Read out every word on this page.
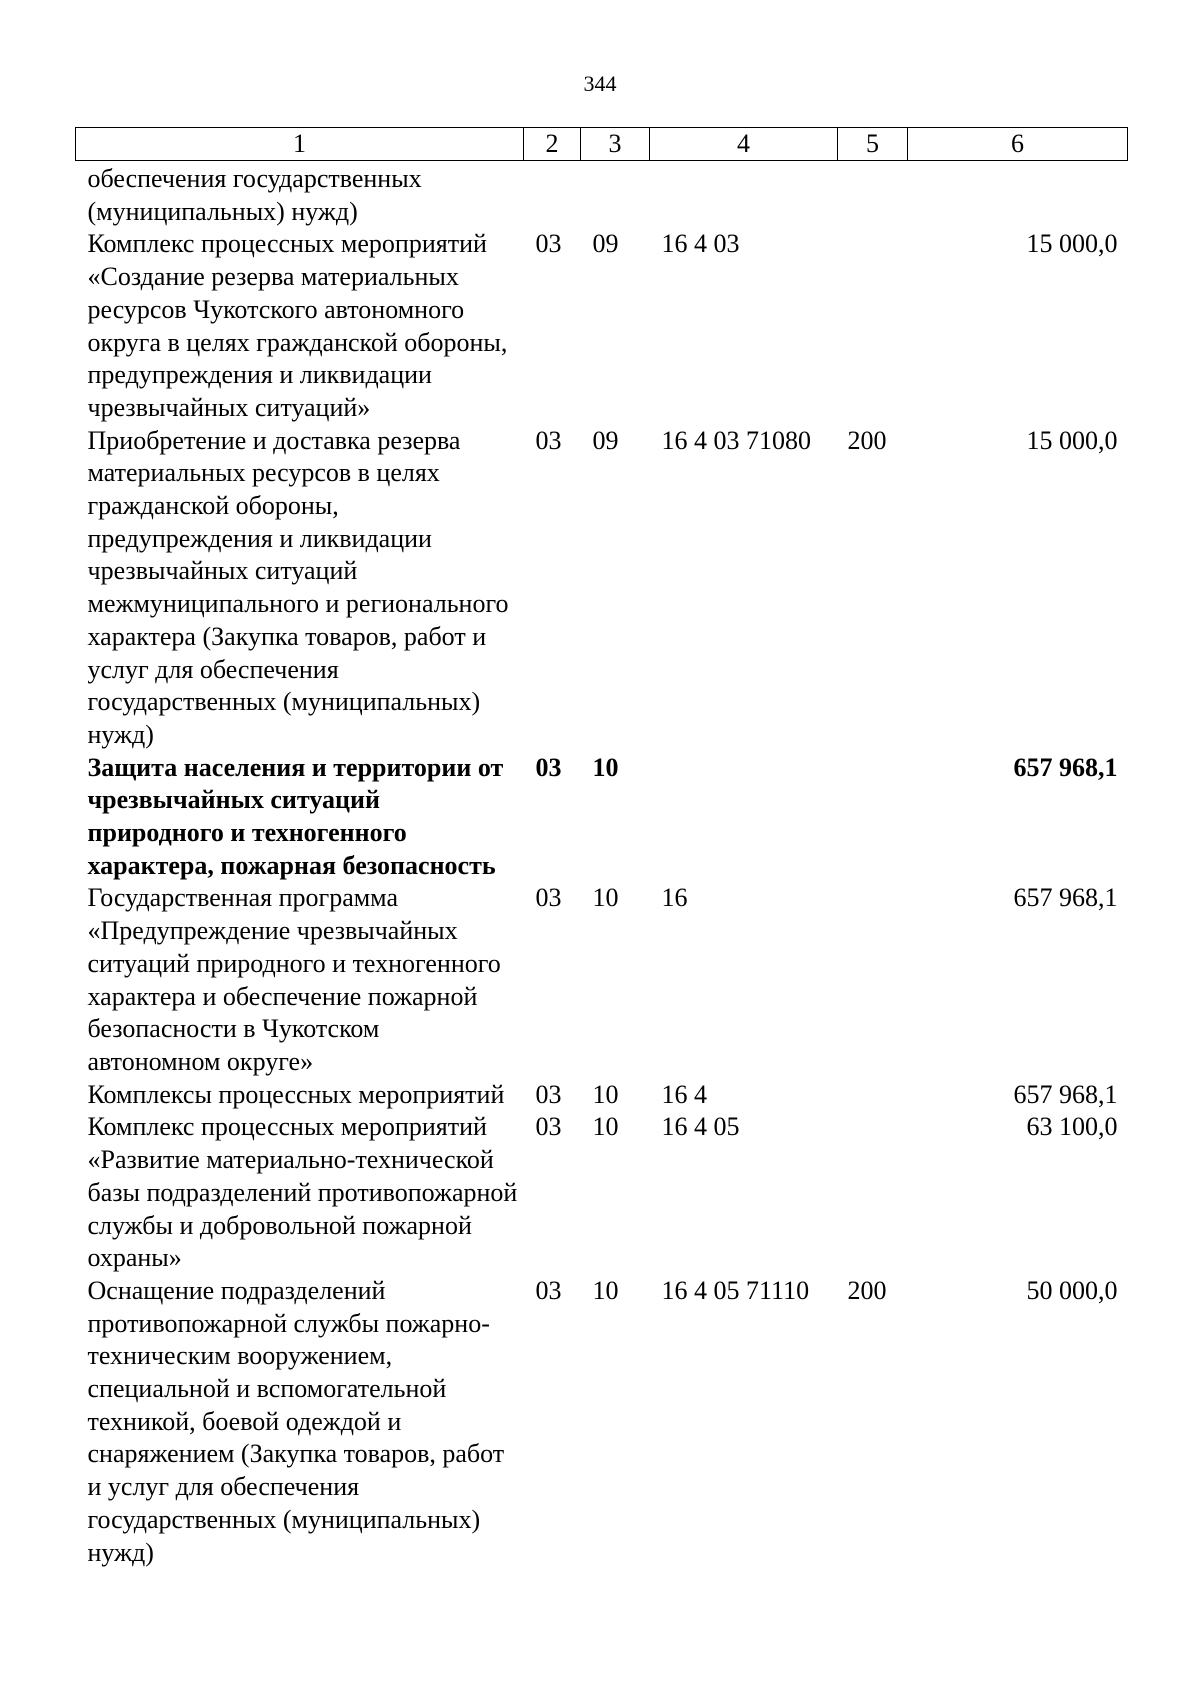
344
1	2	3	4	5	6
обеспечения государственных (муниципальных) нужд)					
Комплекс процессных мероприятий «Создание резерва материальных ресурсов Чукотского автономного округа в целях гражданской обороны, предупреждения и ликвидации чрезвычайных ситуаций»	03	09	16 4 03		15 000,0
Приобретение и доставка резерва материальных ресурсов в целях гражданской обороны, предупреждения и ликвидации чрезвычайных ситуаций межмуниципального и регионального характера (Закупка товаров, работ и услуг для обеспечения государственных (муниципальных) нужд)	03	09	16 4 03 71080	200	15 000,0
Защита населения и территории от чрезвычайных ситуаций природного и техногенного характера, пожарная безопасность	03	10			657 968,1
Государственная программа «Предупреждение чрезвычайных ситуаций природного и техногенного характера и обеспечение пожарной безопасности в Чукотском автономном округе»	03	10	16		657 968,1
Комплексы процессных мероприятий	03	10	16 4		657 968,1
Комплекс процессных мероприятий «Развитие материально-технической базы подразделений противопожарной службы и добровольной пожарной охраны»	03	10	16 4 05		63 100,0
Оснащение подразделений противопожарной службы пожарно-техническим вооружением, специальной и вспомогательной техникой, боевой одеждой и снаряжением (Закупка товаров, работ и услуг для обеспечения государственных (муниципальных) нужд)	03	10	16 4 05 71110	200	50 000,0
